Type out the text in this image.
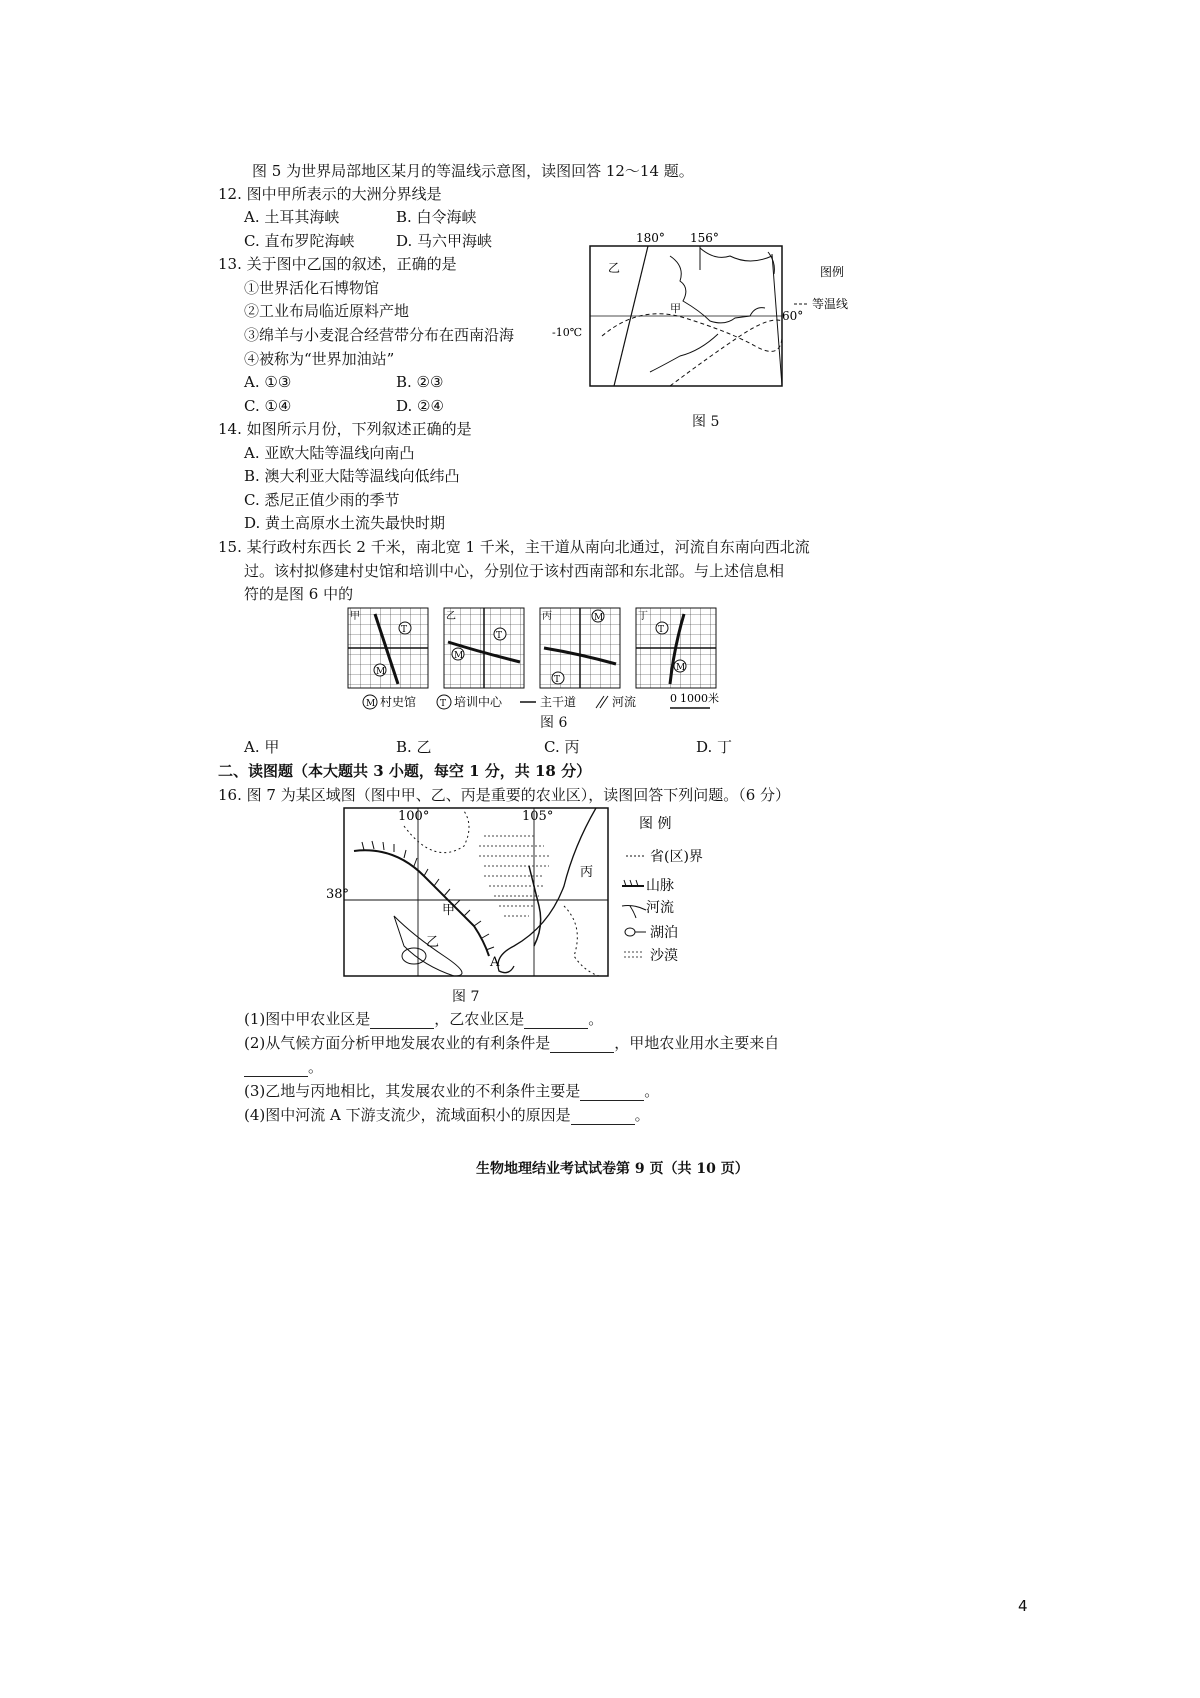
图 5 为世界局部地区某月的等温线示意图，读图回答 12～14 题。
12. 图中甲所表示的大洲分界线是
A. 土耳其海峡	B. 白令海峡
C. 直布罗陀海峡	D. 马六甲海峡
13. 关于图中乙国的叙述，正确的是
①世界活化石博物馆
②工业布局临近原料产地
③绵羊与小麦混合经营带分布在西南沿海
④被称为“世界加油站”
A. ①③	B. ②③
C. ①④	D. ②④
180° 156°
乙
甲
60°
-10℃
图例
等温线
图 5
14. 如图所示月份，下列叙述正确的是
A. 亚欧大陆等温线向南凸
B. 澳大利亚大陆等温线向低纬凸
C. 悉尼正值少雨的季节
D. 黄土高原水土流失最快时期
15. 某行政村东西长 2 千米，南北宽 1 千米，主干道从南向北通过，河流自东南向西北流
过。该村拟修建村史馆和培训中心，分别位于该村西南部和东北部。与上述信息相
符的是图 6 中的
T
M
甲
T
M
乙	M
T
丙
T
M
丁
M 村史馆	T 培训中心	主干道	河流	0 1000米
图 6
A. 甲	B. 乙	C. 丙	D. 丁
二、读图题（本大题共 3 小题，每空 1 分，共 18 分）
16. 图 7 为某区域图（图中甲、乙、丙是重要的农业区），读图回答下列问题。（6 分）
100°	105°
38°
甲
乙
丙
A
图 例
省(区)界
山脉
河流
湖泊
沙漠
图 7
(1)图中甲农业区是	，乙农业区是	。
(2)从气候方面分析甲地发展农业的有利条件是	，甲地农业用水主要来自
。
(3)乙地与丙地相比，其发展农业的不利条件主要是	。
(4)图中河流 A 下游支流少，流域面积小的原因是	。
生物地理结业考试试卷第 9 页（共 10 页）
4
